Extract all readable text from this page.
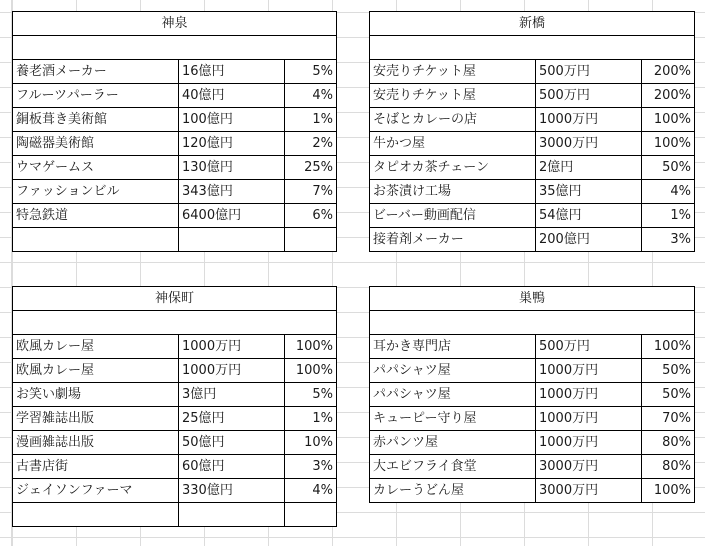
神泉		

養老酒メーカー	16億円	5%
フルーツパーラー	40億円	4%
銅板葺き美術館	100億円	1%
陶磁器美術館	120億円	2%
ウマゲームス	130億円	25%
ファッションビル	343億円	7%
特急鉄道	6400億円	6%

新橋		

安売りチケット屋	500万円	200%
安売りチケット屋	500万円	200%
そばとカレーの店	1000万円	100%
牛かつ屋	3000万円	100%
タピオカ茶チェーン	2億円	50%
お茶漬け工場	35億円	4%
ビーバー動画配信	54億円	1%
接着剤メーカー	200億円	3%
神保町		

欧風カレー屋	1000万円	100%
欧風カレー屋	1000万円	100%
お笑い劇場	3億円	5%
学習雑誌出版	25億円	1%
漫画雑誌出版	50億円	10%
古書店街	60億円	3%
ジェイソンファーマ	330億円	4%

巣鴨		

耳かき専門店	500万円	100%
パパシャツ屋	1000万円	50%
パパシャツ屋	1000万円	50%
キューピー守り屋	1000万円	70%
赤パンツ屋	1000万円	80%
大エビフライ食堂	3000万円	80%
カレーうどん屋	3000万円	100%
